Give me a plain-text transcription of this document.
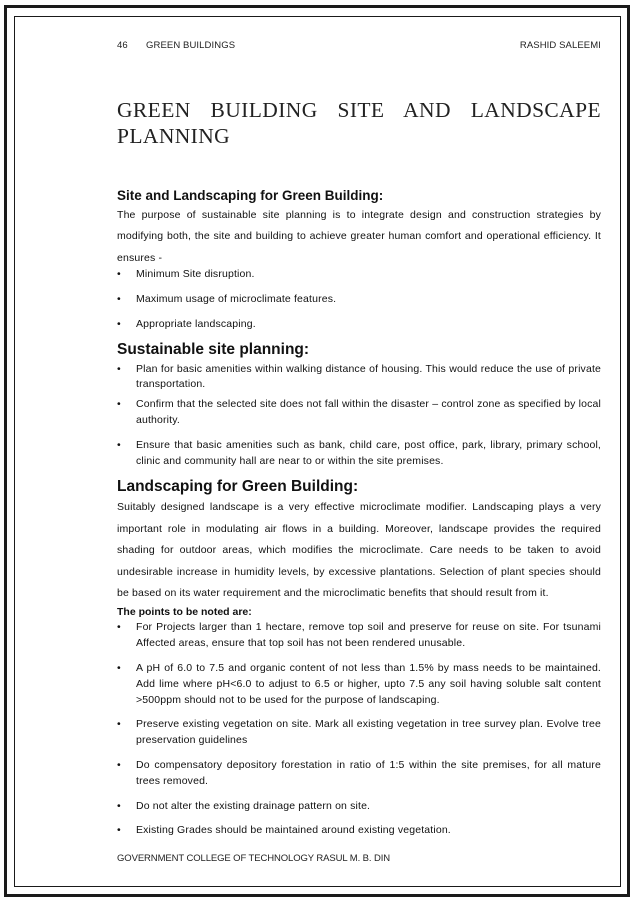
46 GREEN BUILDINGS	RASHID SALEEMI
GREEN BUILDING SITE AND LANDSCAPE PLANNING
Site and Landscaping for Green Building:

The purpose of sustainable site planning is to integrate design and construction strategies by modifying both, the site and building to achieve greater human comfort and operational efficiency. It ensures -

• Minimum Site disruption.
• Maximum usage of microclimate features.
• Appropriate landscaping.
Sustainable site planning:
• Plan for basic amenities within walking distance of housing. This would reduce the use of private transportation.
• Confirm that the selected site does not fall within the disaster – control zone as specified by local authority.
• Ensure that basic amenities such as bank, child care, post office, park, library, primary school, clinic and community hall are near to or within the site premises.
Landscaping for Green Building:

Suitably designed landscape is a very effective microclimate modifier. Landscaping plays a very important role in modulating air flows in a building. Moreover, landscape provides the required shading for outdoor areas, which modifies the microclimate. Care needs to be taken to avoid undesirable increase in humidity levels, by excessive plantations. Selection of plant species should be based on its water requirement and the microclimatic benefits that should result from it.

The points to be noted are:
• For Projects larger than 1 hectare, remove top soil and preserve for reuse on site. For tsunami Affected areas, ensure that top soil has not been rendered unusable.
• A pH of 6.0 to 7.5 and organic content of not less than 1.5% by mass needs to be maintained. Add lime where pH<6.0 to adjust to 6.5 or higher, upto 7.5 any soil having soluble salt content >500ppm should not to be used for the purpose of landscaping.
• Preserve existing vegetation on site. Mark all existing vegetation in tree survey plan. Evolve tree preservation guidelines
• Do compensatory depository forestation in ratio of 1:5 within the site premises, for all mature trees removed.
• Do not alter the existing drainage pattern on site.
• Existing Grades should be maintained around existing vegetation.
GOVERNMENT COLLEGE OF TECHNOLOGY RASUL M. B. DIN
